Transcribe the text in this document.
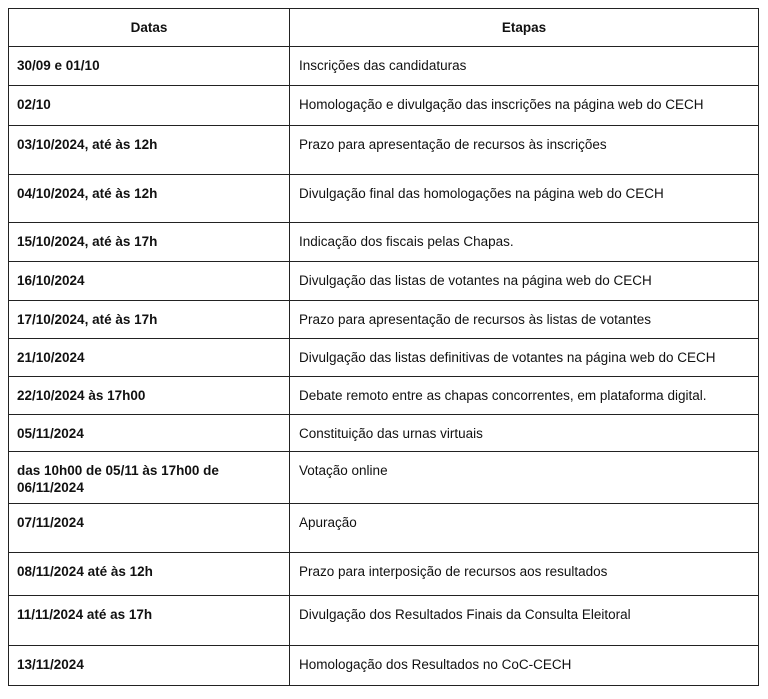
Datas	Etapas
30/09 e 01/10	Inscrições das candidaturas
02/10	Homologação e divulgação das inscrições na página web do CECH
03/10/2024, até às 12h	Prazo para apresentação de recursos às inscrições
04/10/2024, até às 12h	Divulgação final das homologações na página web do CECH
15/10/2024, até às 17h	Indicação dos fiscais pelas Chapas.
16/10/2024	Divulgação das listas de votantes na página web do CECH
17/10/2024, até às 17h	Prazo para apresentação de recursos às listas de votantes
21/10/2024	Divulgação das listas definitivas de votantes na página web do CECH
22/10/2024 às 17h00	Debate remoto entre as chapas concorrentes, em plataforma digital.
05/11/2024	Constituição das urnas virtuais
das 10h00 de 05/11 às 17h00 de 06/11/2024	Votação online
07/11/2024	Apuração
08/11/2024 até às 12h	Prazo para interposição de recursos aos resultados
11/11/2024 até as 17h	Divulgação dos Resultados Finais da Consulta Eleitoral
13/11/2024	Homologação dos Resultados no CoC-CECH
